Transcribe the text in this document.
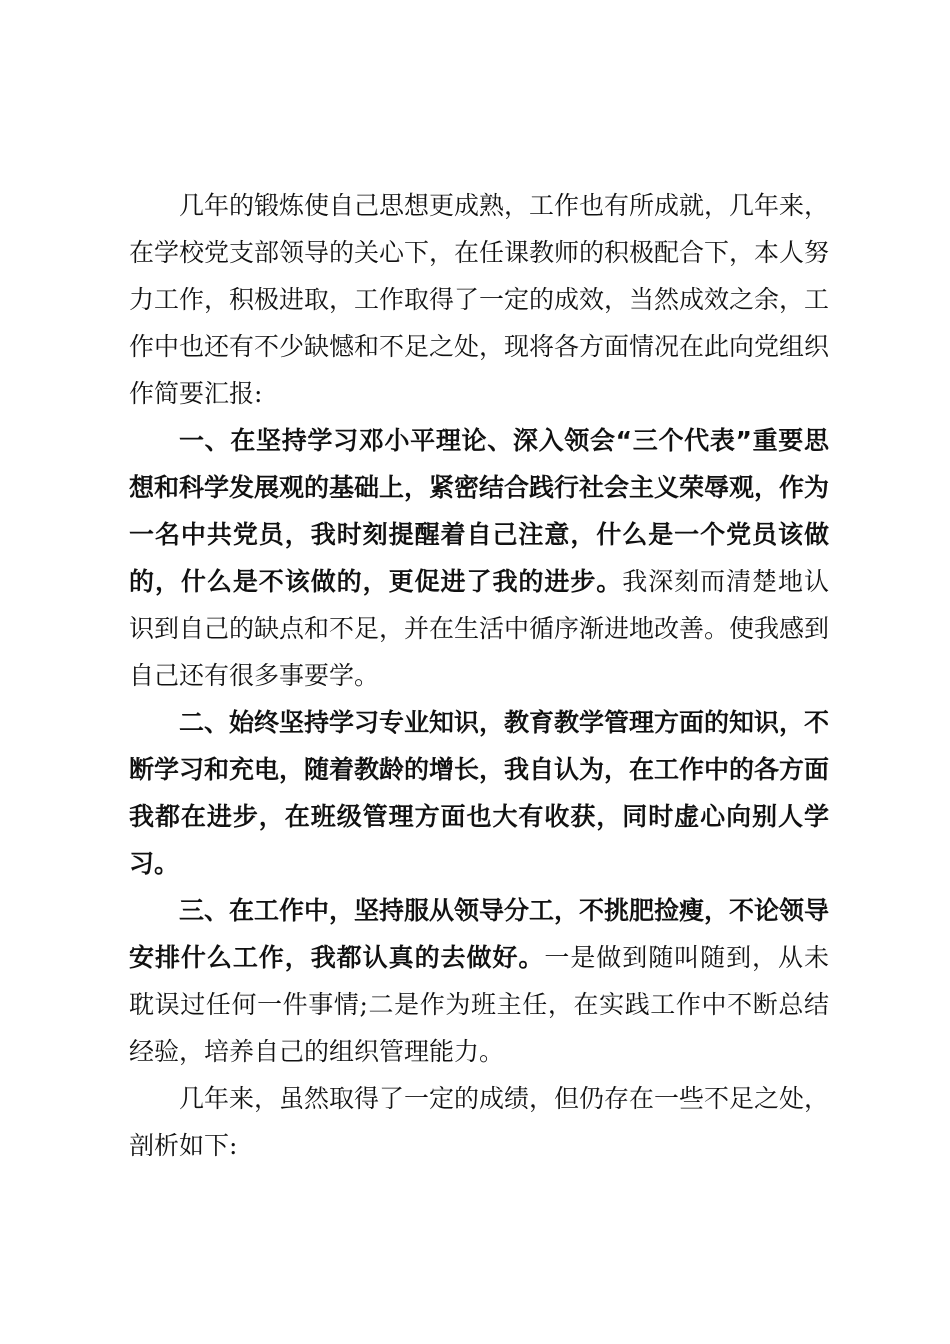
几年的锻炼使自己思想更成熟，工作也有所成就，几年来，在学校党支部领导的关心下，在任课教师的积极配合下，本人努力工作，积极进取，工作取得了一定的成效，当然成效之余，工作中也还有不少缺憾和不足之处，现将各方面情况在此向党组织作简要汇报:

一、在坚持学习邓小平理论、深入领会“三个代表”重要思想和科学发展观的基础上，紧密结合践行社会主义荣辱观，作为一名中共党员，我时刻提醒着自己注意，什么是一个党员该做的，什么是不该做的，更促进了我的进步。我深刻而清楚地认识到自己的缺点和不足，并在生活中循序渐进地改善。使我感到自己还有很多事要学。

二、始终坚持学习专业知识，教育教学管理方面的知识，不断学习和充电，随着教龄的增长，我自认为，在工作中的各方面我都在进步，在班级管理方面也大有收获，同时虚心向别人学习。

三、在工作中，坚持服从领导分工，不挑肥捡瘦，不论领导安排什么工作，我都认真的去做好。一是做到随叫随到，从未耽误过任何一件事情;二是作为班主任，在实践工作中不断总结经验，培养自己的组织管理能力。

几年来，虽然取得了一定的成绩，但仍存在一些不足之处，剖析如下:
